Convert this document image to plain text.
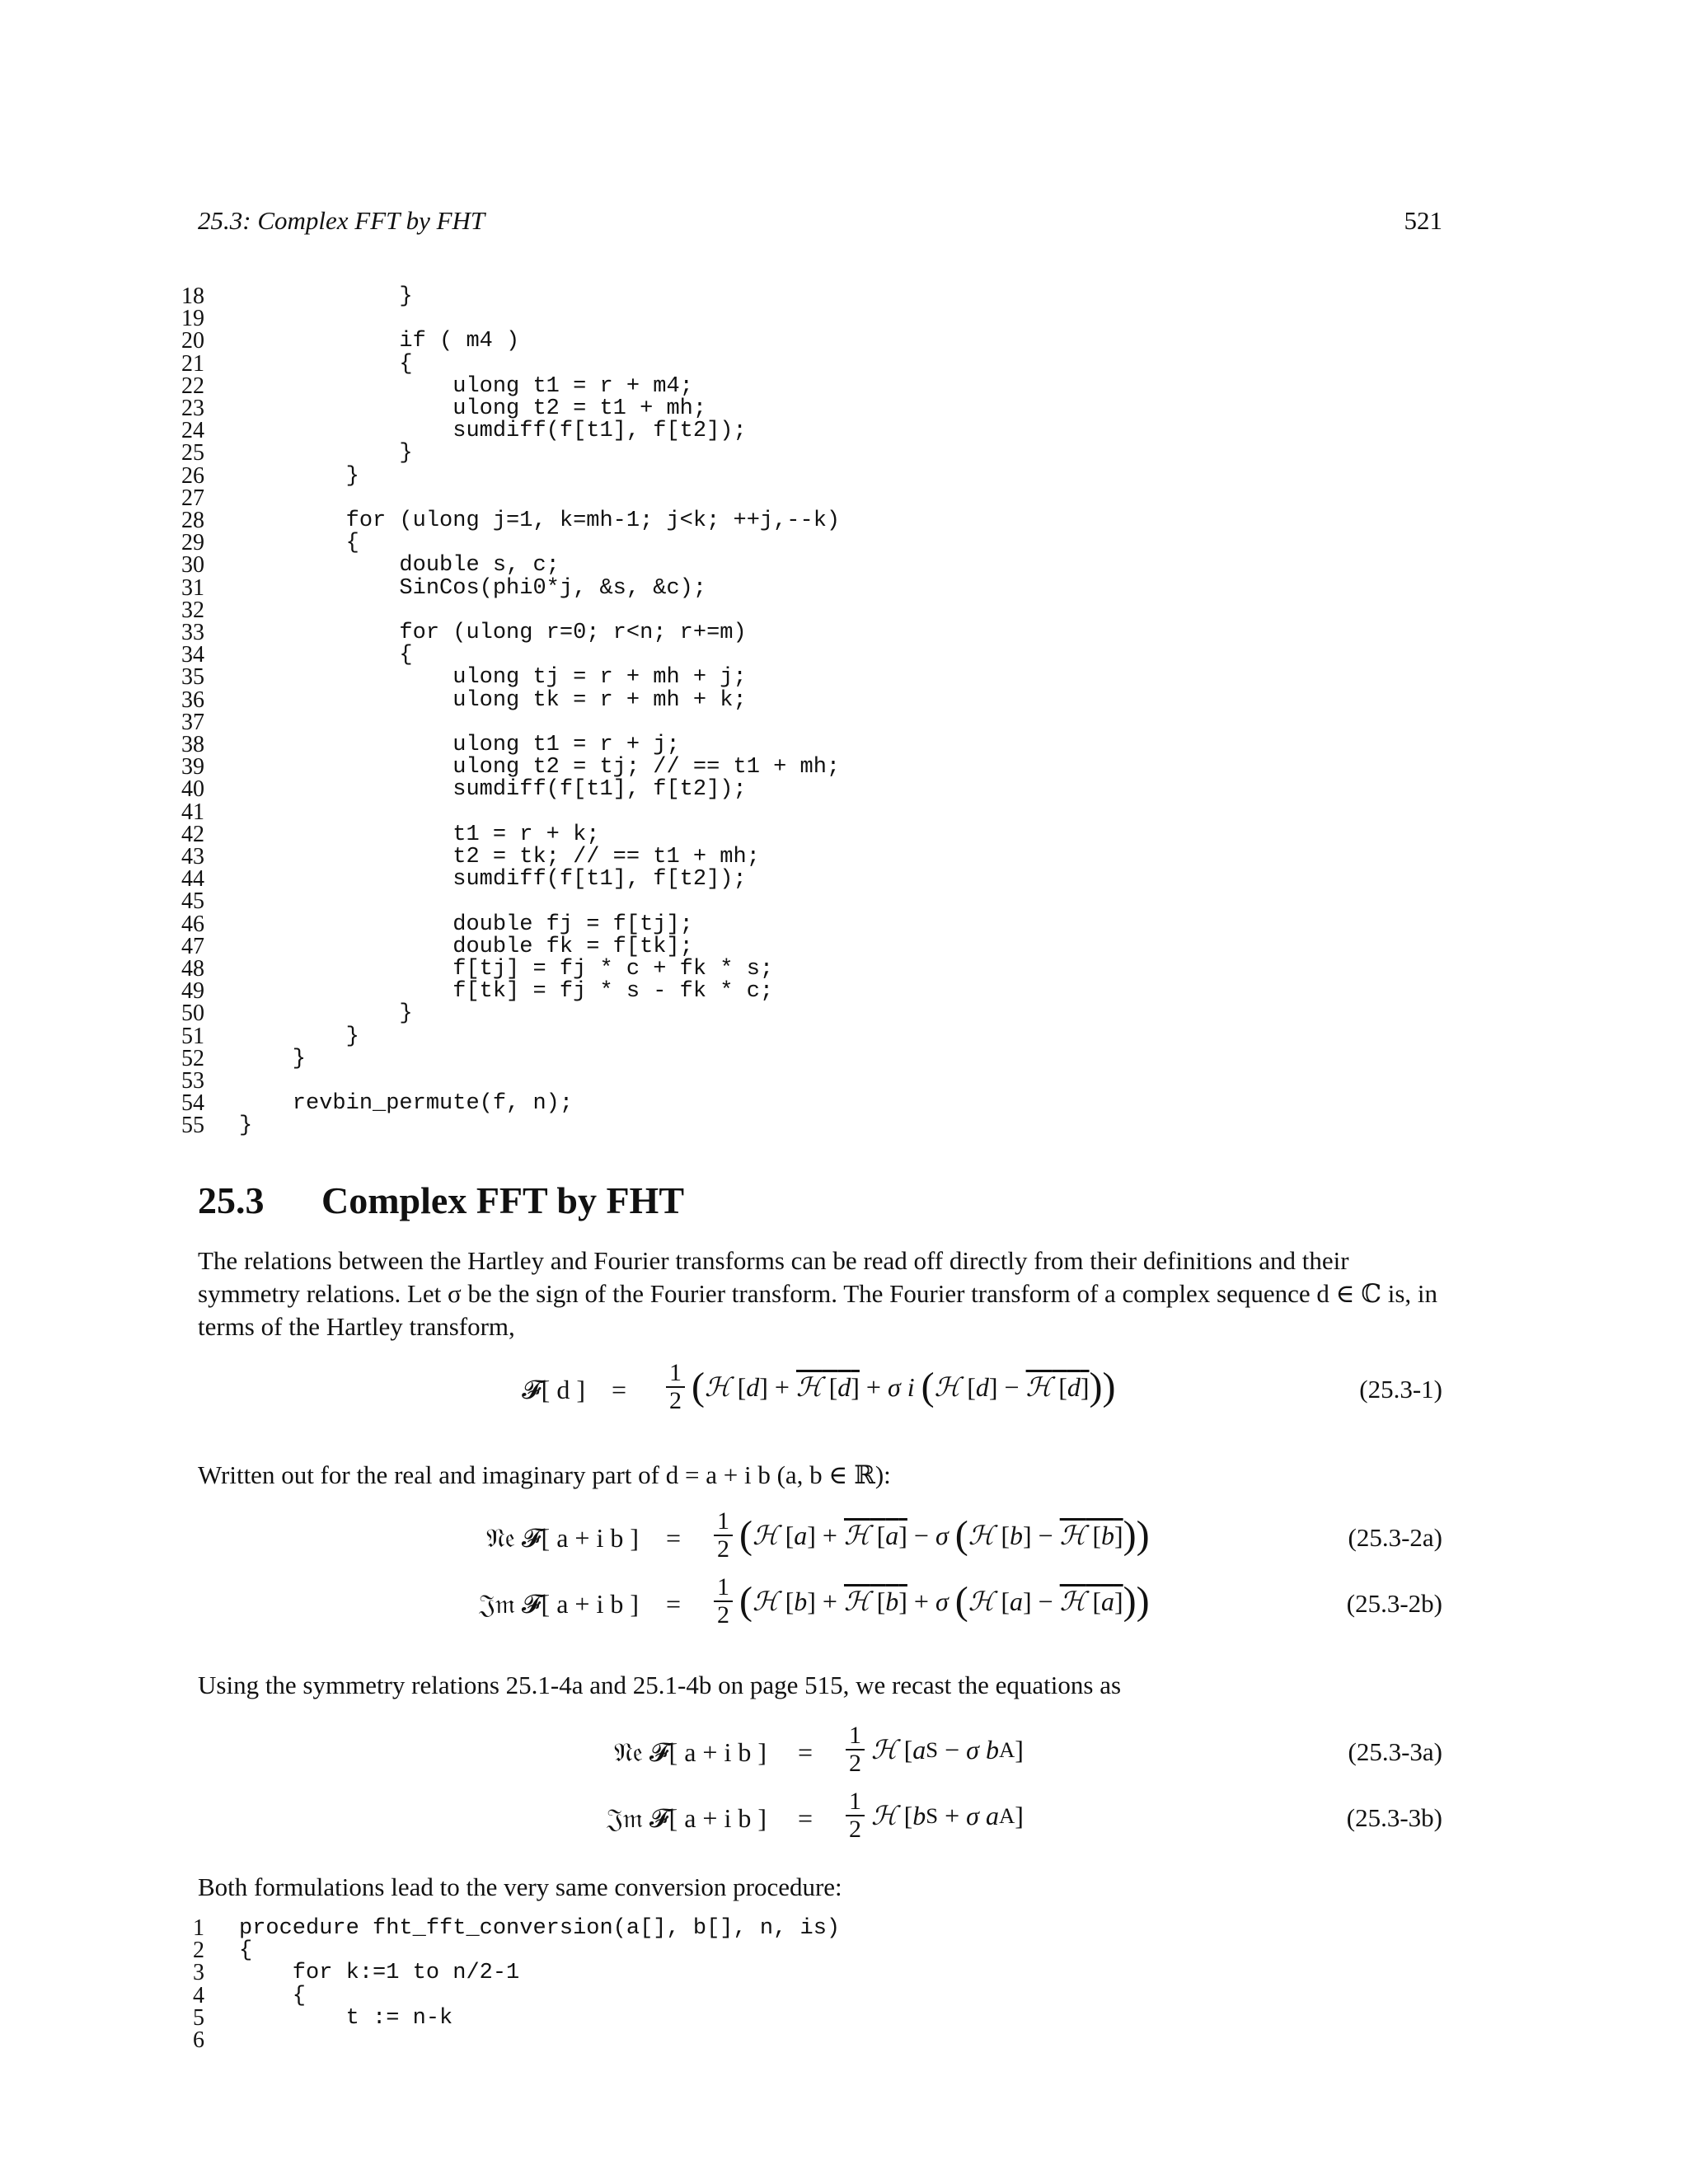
25.3: Complex FFT by FHT	521
18 }
19
20 if ( m4 )
21 {
22 ulong t1 = r + m4;
23 ulong t2 = t1 + mh;
24 sumdiff(f[t1], f[t2]);
25 }
26 }
27
28 for (ulong j=1, k=mh-1; j<k; ++j,--k)
29 {
30 double s, c;
31 SinCos(phi0*j, &s, &c);
32
33 for (ulong r=0; r<n; r+=m)
34 {
35 ulong tj = r + mh + j;
36 ulong tk = r + mh + k;
37
38 ulong t1 = r + j;
39 ulong t2 = tj; // == t1 + mh;
40 sumdiff(f[t1], f[t2]);
41
42 t1 = r + k;
43 t2 = tk; // == t1 + mh;
44 sumdiff(f[t1], f[t2]);
45
46 double fj = f[tj];
47 double fk = f[tk];
48 f[tj] = fj * c + fk * s;
49 f[tk] = fj * s - fk * c;
50 }
51 }
52 }
53
54 revbin_permute(f, n);
55 }
25.3 Complex FFT by FHT
The relations between the Hartley and Fourier transforms can be read off directly from their definitions and their symmetry relations. Let σ be the sign of the Fourier transform. The Fourier transform of a complex sequence d ∈ ℂ is, in terms of the Hartley transform,
𝓕[ d ] = $\frac{1}{2}$ ( ℋ [ d ] + ℋ [d] + σ i
( ℋ [ d ] − ℋ [d] ))	(25.3-1)
Written out for the real and imaginary part of d = a + i b (a, b ∈ ℝ):
𝔑𝔢 𝓕[ a + i b ] = $\frac{1}{2}$ ( ℋ [ a ] + ℋ [a] − σ
( ℋ [ b ] − ℋ [b] ))	(25.3-2a)
𝔍𝔪 𝓕[ a + i b ] = $\frac{1}{2}$ ( ℋ [ b ] + ℋ [b] + σ
( ℋ [ a ] − ℋ [a] ))	(25.3-2b)
Using the symmetry relations 25.1-4a and 25.1-4b on page 515, we recast the equations as
𝔑𝔢 𝓕[ a + i b ] = $\frac{1}{2}$ ℋ [ a S − σ b A ]	(25.3-3a)
𝔍𝔪 𝓕[ a + i b ] = $\frac{1}{2}$ ℋ [ b S + σ a A ]	(25.3-3b)
Both formulations lead to the very same conversion procedure:
1 procedure fht_fft_conversion(a[], b[], n, is)
2 {
3 for k:=1 to n/2-1
4 {
5 t := n-k
6
